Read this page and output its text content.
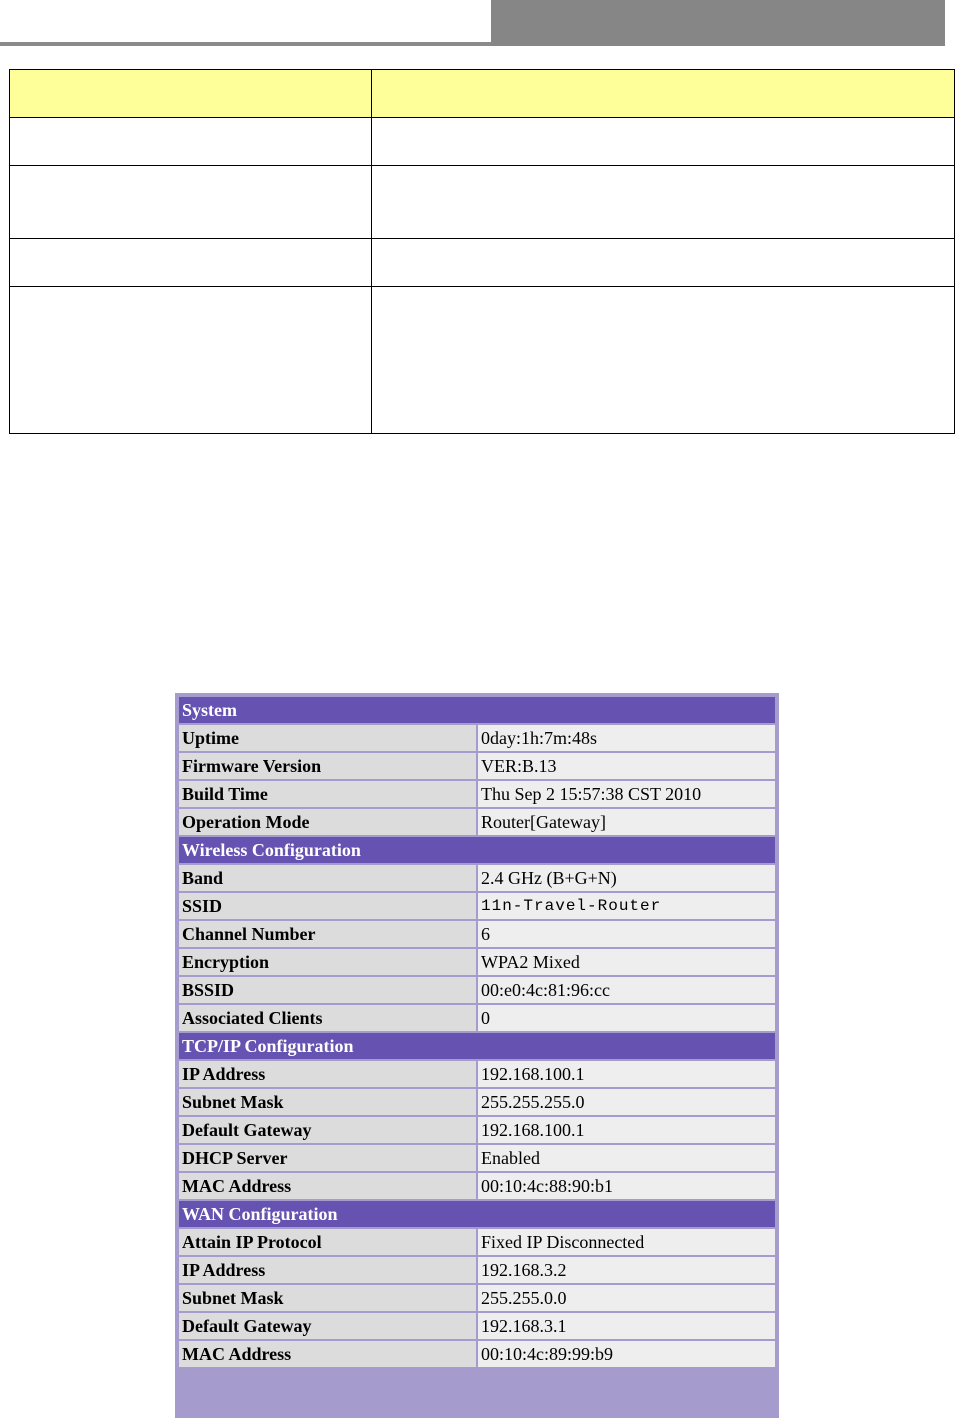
System	
Uptime	0day:1h:7m:48s
Firmware Version	VER:B.13
Build Time	Thu Sep 2 15:57:38 CST 2010
Operation Mode	Router[Gateway]
Wireless Configuration	
Band	2.4 GHz (B+G+N)
SSID	11n-Travel-Router
Channel Number	6
Encryption	WPA2 Mixed
BSSID	00:e0:4c:81:96:cc
Associated Clients	0
TCP/IP Configuration	
IP Address	192.168.100.1
Subnet Mask	255.255.255.0
Default Gateway	192.168.100.1
DHCP Server	Enabled
MAC Address	00:10:4c:88:90:b1
WAN Configuration	
Attain IP Protocol	Fixed IP Disconnected
IP Address	192.168.3.2
Subnet Mask	255.255.0.0
Default Gateway	192.168.3.1
MAC Address	00:10:4c:89:99:b9
